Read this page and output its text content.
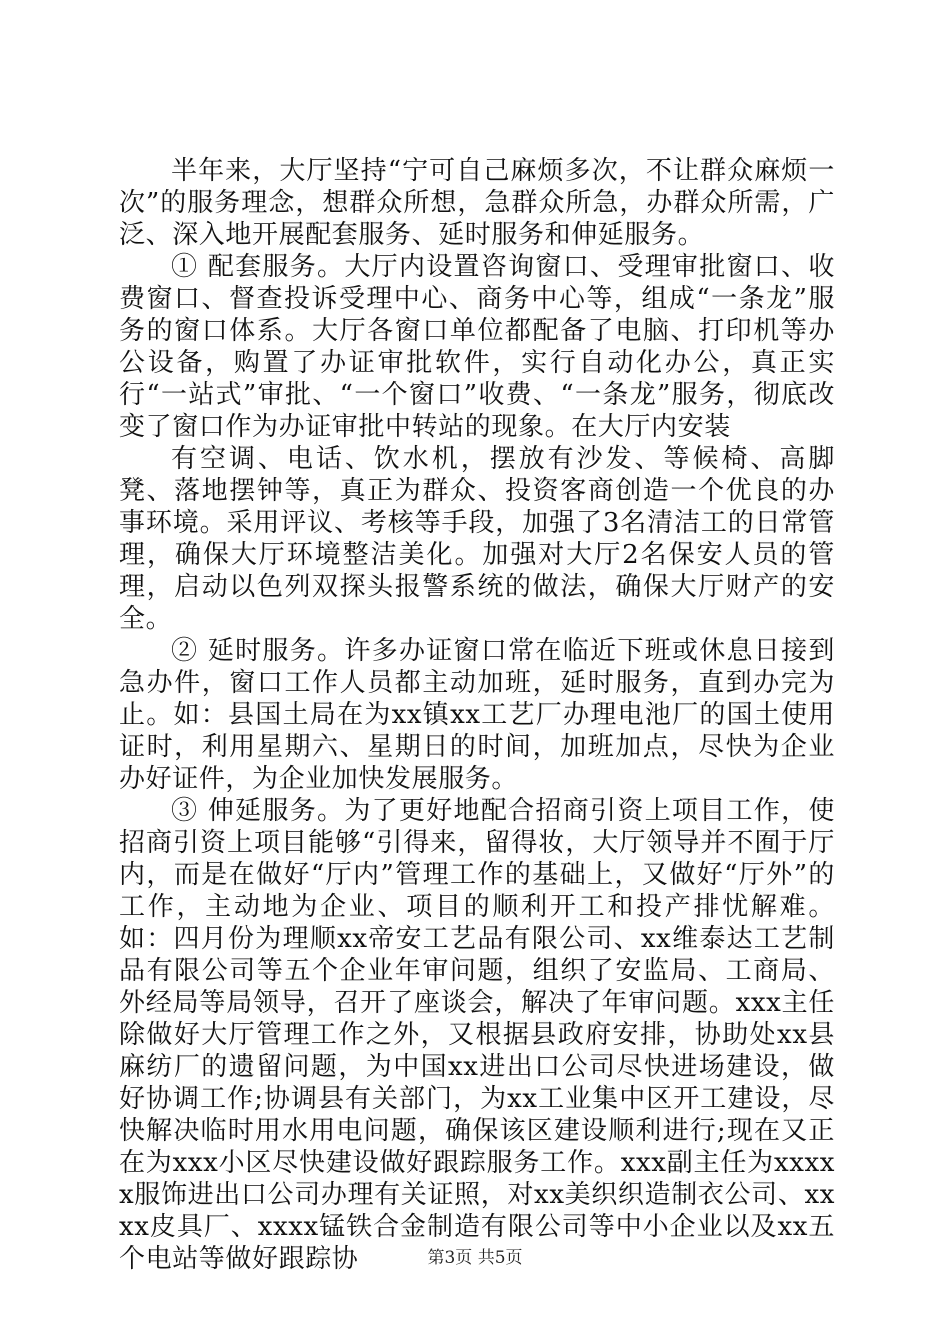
半年来，大厅坚持“宁可自己麻烦多次，不让群众麻烦一次”的服务理念，想群众所想，急群众所急，办群众所需，广泛、深入地开展配套服务、延时服务和伸延服务。

① 配套服务。大厅内设置咨询窗口、受理审批窗口、收费窗口、督查投诉受理中心、商务中心等，组成“一条龙”服务的窗口体系。大厅各窗口单位都配备了电脑、打印机等办公设备，购置了办证审批软件，实行自动化办公，真正实行“一站式”审批、“一个窗口”收费、“一条龙”服务，彻底改变了窗口作为办证审批中转站的现象。在大厅内安装

有空调、电话、饮水机，摆放有沙发、等候椅、高脚凳、落地摆钟等，真正为群众、投资客商创造一个优良的办事环境。采用评议、考核等手段，加强了3名清洁工的日常管理，确保大厅环境整洁美化。加强对大厅2名保安人员的管理，启动以色列双探头报警系统的做法，确保大厅财产的安全。

② 延时服务。许多办证窗口常在临近下班或休息日接到急办件，窗口工作人员都主动加班，延时服务，直到办完为止。如：县国土局在为xx镇xx工艺厂办理电池厂的国土使用证时，利用星期六、星期日的时间，加班加点，尽快为企业办好证件，为企业加快发展服务。

③ 伸延服务。为了更好地配合招商引资上项目工作，使招商引资上项目能够“引得来，留得妆，大厅领导并不囿于厅内，而是在做好“厅内”管理工作的基础上，又做好“厅外”的工作，主动地为企业、项目的顺利开工和投产排忧解难。如：四月份为理顺xx帝安工艺品有限公司、xx维泰达工艺制品有限公司等五个企业年审问题，组织了安监局、工商局、外经局等局领导，召开了座谈会，解决了年审问题。xxx主任除做好大厅管理工作之外，又根据县政府安排，协助处xx县麻纺厂的遗留问题，为中国xx进出口公司尽快进场建设，做好协调工作;协调县有关部门，为xx工业集中区开工建设，尽快解决临时用水用电问题，确保该区建设顺利进行;现在又正在为xxx小区尽快建设做好跟踪服务工作。xxx副主任为xxxxx服饰进出口公司办理有关证照，对xx美织织造制衣公司、xxxx皮具厂、xxxx锰铁合金制造有限公司等中小企业以及xx五个电站等做好跟踪协	第3页 共5页
